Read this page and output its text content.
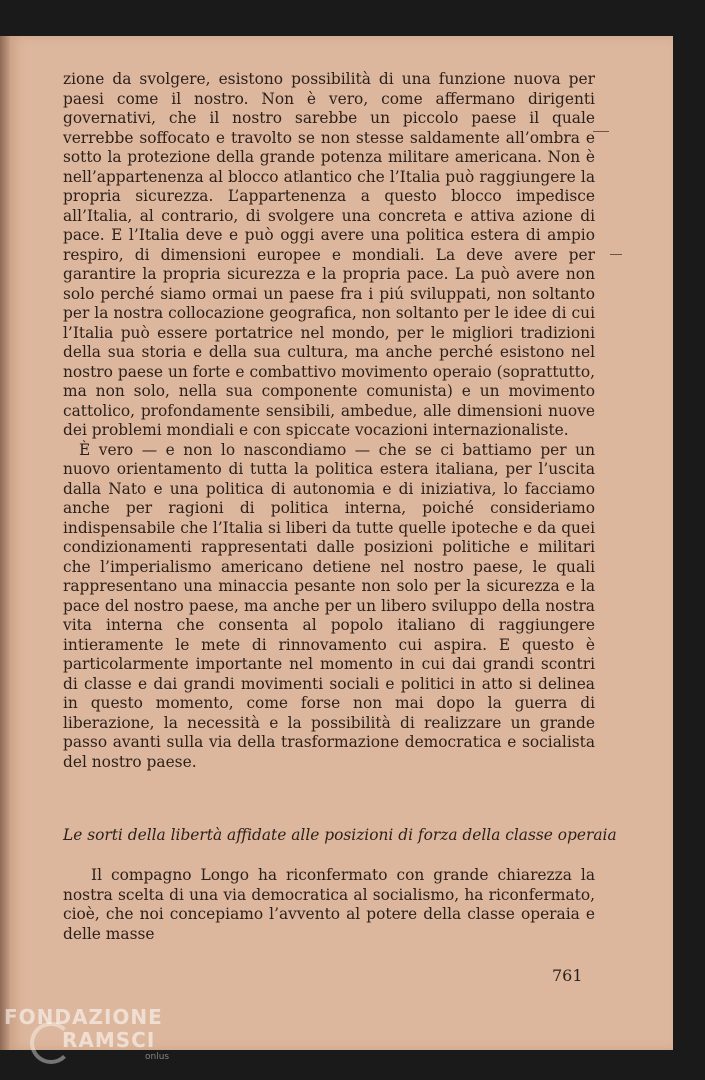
zione da svolgere, esistono possibilità di una funzione nuova per paesi come il nostro. Non è vero, come affermano dirigenti governativi, che il nostro sarebbe un piccolo paese il quale verrebbe soffocato e travolto se non stesse saldamente all’ombra e sotto la protezione della grande potenza militare americana. Non è nell’appartenenza al blocco atlantico che l’Italia può raggiungere la propria sicurezza. L’appartenenza a questo blocco impedisce all’Italia, al contrario, di svolgere una concreta e attiva azione di pace. E l’Italia deve e può oggi avere una politica estera di ampio respiro, di dimensioni europee e mondiali. La deve avere per garantire la propria sicurezza e la propria pace. La può avere non solo perché siamo ormai un paese fra i piú sviluppati, non soltanto per la nostra collocazione geografica, non soltanto per le idee di cui l’Italia può essere portatrice nel mondo, per le migliori tradizioni della sua storia e della sua cultura, ma anche perché esistono nel nostro paese un forte e combattivo movimento operaio (soprattutto, ma non solo, nella sua componente comunista) e un movimento cattolico, profondamente sensibili, ambedue, alle dimensioni nuove dei problemi mondiali e con spiccate vocazioni internazionaliste.

È vero — e non lo nascondiamo — che se ci battiamo per un nuovo orientamento di tutta la politica estera italiana, per l’uscita dalla Nato e una politica di autonomia e di iniziativa, lo facciamo anche per ragioni di politica interna, poiché consideriamo indispensabile che l’Italia si liberi da tutte quelle ipoteche e da quei condizionamenti rappresentati dalle posizioni politiche e militari che l’imperialismo americano detiene nel nostro paese, le quali rappresentano una minaccia pesante non solo per la sicurezza e la pace del nostro paese, ma anche per un libero sviluppo della nostra vita interna che consenta al popolo italiano di raggiungere intieramente le mete di rinnovamento cui aspira. E questo è particolarmente importante nel momento in cui dai grandi scontri di classe e dai grandi movimenti sociali e politici in atto si delinea in questo momento, come forse non mai dopo la guerra di liberazione, la necessità e la possibilità di realizzare un grande passo avanti sulla via della trasformazione democratica e socialista del nostro paese.

Le sorti della libertà affidate alle posizioni di forza della classe operaia

Il compagno Longo ha riconfermato con grande chiarezza la nostra scelta di una via democratica al socialismo, ha riconfermato, cioè, che noi concepiamo l’avvento al potere della classe operaia e delle masse

761
FONDAZIONE
RAMSCI
onlus
